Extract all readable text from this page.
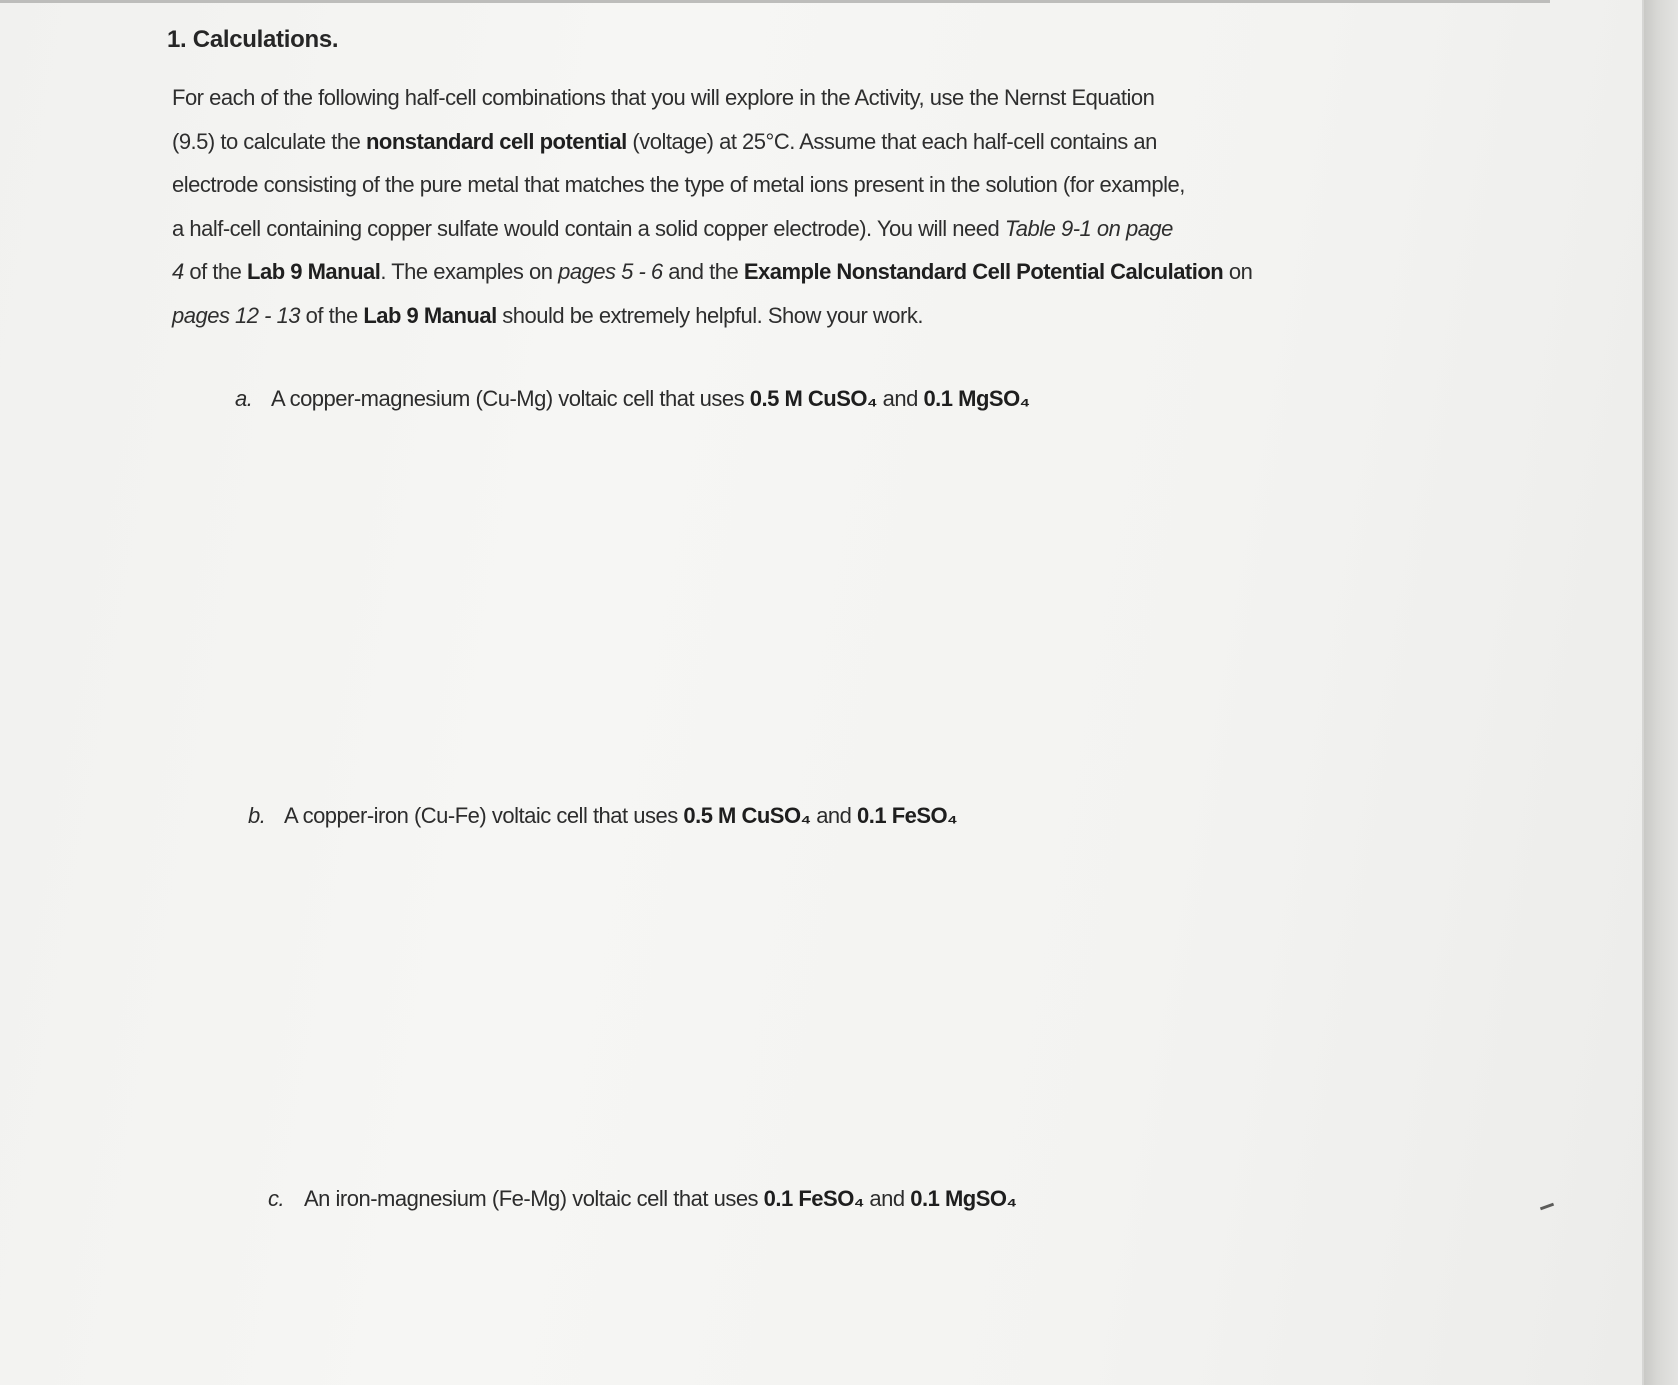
1. Calculations.

For each of the following half-cell combinations that you will explore in the Activity, use the Nernst Equation
(9.5) to calculate the nonstandard cell potential (voltage) at 25°C. Assume that each half-cell contains an
electrode consisting of the pure metal that matches the type of metal ions present in the solution (for example,
a half-cell containing copper sulfate would contain a solid copper electrode). You will need Table 9-1 on page
4 of the Lab 9 Manual. The examples on pages 5 - 6 and the Example Nonstandard Cell Potential Calculation on
pages 12 - 13 of the Lab 9 Manual should be extremely helpful. Show your work.

a. A copper-magnesium (Cu-Mg) voltaic cell that uses 0.5 M CuSO₄ and 0.1 MgSO₄

b. A copper-iron (Cu-Fe) voltaic cell that uses 0.5 M CuSO₄ and 0.1 FeSO₄

c. An iron-magnesium (Fe-Mg) voltaic cell that uses 0.1 FeSO₄ and 0.1 MgSO₄
